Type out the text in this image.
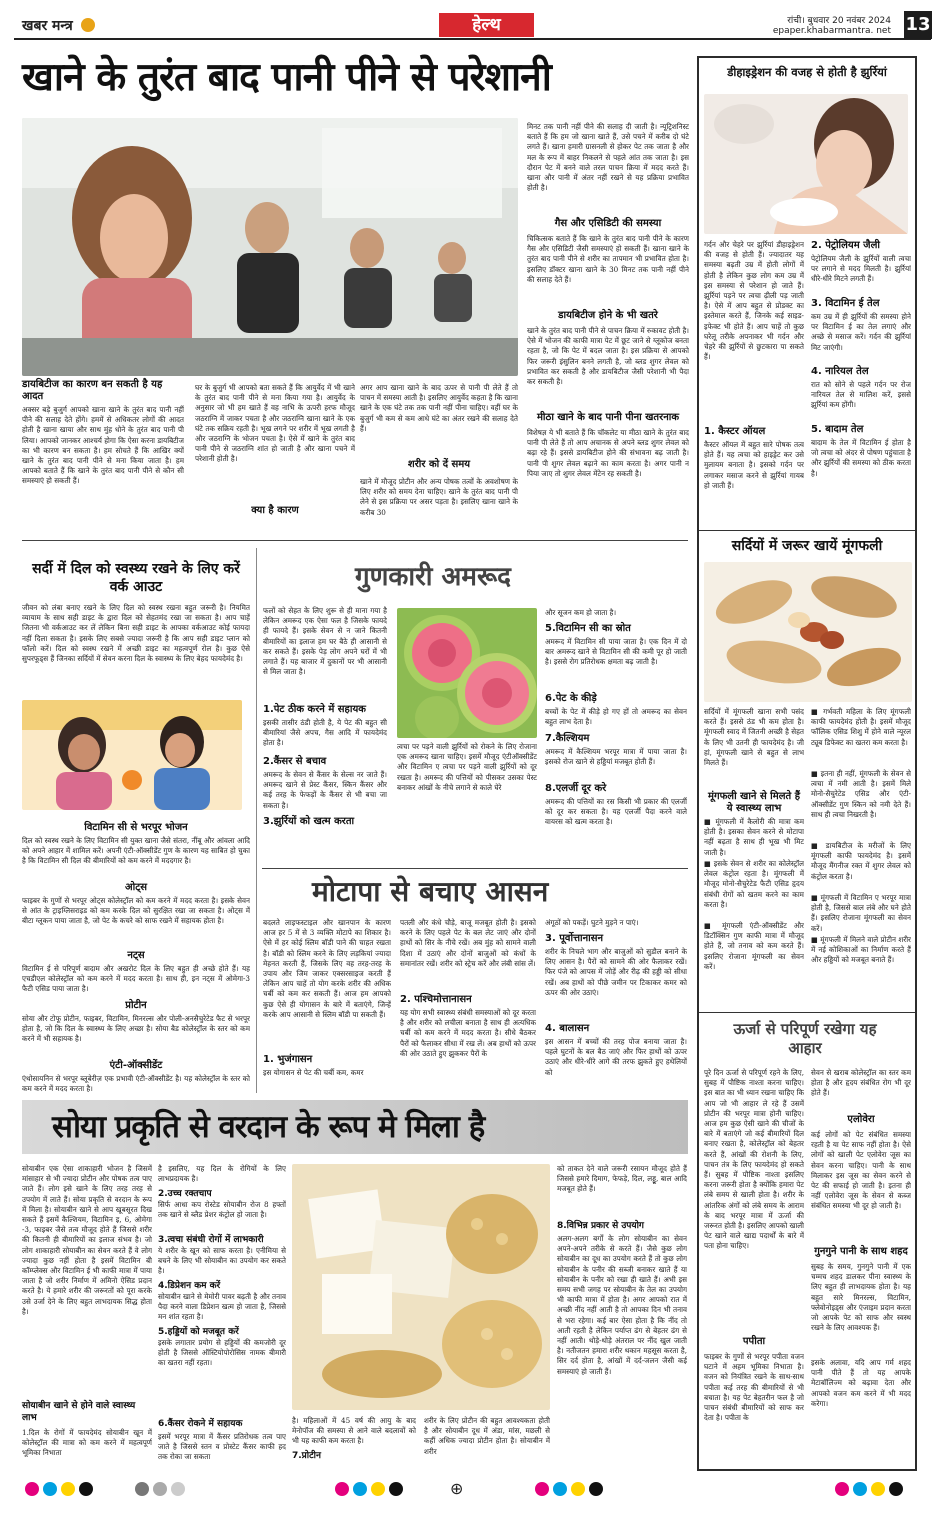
खबर मन्त्र	हेल्थ	रांची। बुधवार 20 नवंबर 2024
epaper.khabarmantra. net 13
खाने के तुरंत बाद पानी पीने से परेशानी
डायबिटीज का कारण बन सकती है यह आदत
अक्सर बड़े बुजुर्ग आपको खाना खाने के तुरंत बाद पानी नहीं पीने की सलाह देते होंगे। हममें से अधिकतर लोगों की आदत होती है खाना खाया और साथ मुंह धोने के तुरंत बाद पानी पी लिया। आपको जानकर आश्चर्य होगा कि ऐसा करना डायबिटीज का भी कारण बन सकता है। हम सोचते हैं कि आखिर क्यों खाने के तुरंत बाद पानी पीने से मना किया जाता है। हम आपको बताते हैं कि खाने के तुरंत बाद पानी पीने से कौन सी समस्याएं हो सकती हैं।
घर के बुजुर्ग भी आपको बता सकते हैं कि आयुर्वेद में भी खाने के तुरंत बाद पानी पीने से मना किया गया है। आयुर्वेद के अनुसार जो भी हम खाते हैं वह नाभि के ऊपरी हरफ मौजूद जठराग्नि में जाकर पचता है और जठराग्नि खाना खाने के एक घंटे तक सक्रिय रहती है। भूख लगने पर शरीर में भूख लगती है और जठराग्नि के भोजन पचता है। ऐसे में खाने के तुरंत बाद पानी पीने से जठराग्नि शांत हो जाती है और खाना पचने में परेशानी होती है।
क्या है कारण
अगर आप खाना खाने के बाद ऊपर से पानी पी लेते हैं तो पाचन में समस्या आती है। इसलिए आयुर्वेद कहता है कि खाना खाने के एक घंटे तक तक पानी नहीं पीना चाहिए। वहीं घर के बुजुर्ग भी कम से कम आधे घंटे का अंतर रखने की सलाह देते हैं।
शरीर को दें समय
खाने में मौजूद प्रोटीन और अन्य पोषक तत्वों के अवशोषण के लिए शरीर को समय देना चाहिए। खाने के तुरंत बाद पानी पी लेने से इस प्रक्रिया पर असर पड़ता है। इसलिए खाना खाने के करीब 30
मिनट तक पानी नहीं पीने की सलाह दी जाती है। न्यूट्रिशनिस्ट बताते हैं कि हम जो खाना खाते हैं, उसे पचने में करीब दो घंटे लगते हैं। खाना हमारी ग्रासनली से होकर पेट तक जाता है और मल के रूप में बाहर निकलने से पहले आंत तक जाता है। इस दौरान पेट में बनने वाले तरल पाचन क्रिया में मदद करते हैं। खाना और पानी में अंतर नहीं रखने से यह प्रक्रिया प्रभावित होती है।
गैस और एसिडिटी की समस्या
चिकित्सक बताते हैं कि खाने के तुरंत बाद पानी पीने के कारण गैस और एसिडिटी जैसी समस्याएं हो सकती हैं। खाना खाने के तुरंत बाद पानी पीने से शरीर का तापमान भी प्रभावित होता है। इसलिए डॉक्टर खाना खाने के 30 मिनट तक पानी नहीं पीने की सलाह देते हैं।
डायबिटीज होने के भी खतरे
खाने के तुरंत बाद पानी पीने से पाचन क्रिया में रुकावट होती है। ऐसे में भोजन की काफी मात्रा पेट में छूट जाने से ग्लूकोज बनता रहता है, जो कि पेट में बदल जाता है। इस प्रक्रिया से आपको फिर जरूरी इंसुलिन बनने लगती है, जो ब्लड शुगर लेवल को प्रभावित कर सकती है और डायबिटीज जैसी परेशानी भी पैदा कर सकती है।
मीठा खाने के बाद पानी पीना खतरनाक
विशेषज्ञ ये भी बताते हैं कि चॉकलेट या मीठा खाने के तुरंत बाद पानी पी लेते हैं तो आप अचानक से अपने ब्लड शुगर लेवल को बढ़ा रहे हैं। इससे डायबिटीज होने की संभावना बढ़ जाती है। पानी पी शुगर लेवल बढ़ाने का काम करता है। अगर पानी न पिया जाए तो शुगर लेवल मेंटेन रह सकती है।
डीहाइड्रेशन की वजह से होती है झुर्रियां
गर्दन और चेहरे पर झुर्रियां डीहाइड्रेशन की वजह से होती हैं। ज्यादातर यह समस्या बढ़ती उम्र में होती लोगों में होती है लेकिन कुछ लोग कम उम्र में इस समस्या से परेशान हो जाते हैं। झुर्रियां पड़ने पर त्वचा ढ़ीली पड़ जाती है। ऐसे में आप बहुत से प्रोडक्ट का इस्तेमाल करते हैं, जिनके कई साइड-इफेक्ट भी होते हैं। आप चाहें तो कुछ घरेलू तरीके अपनाकर भी गर्दन और चेहरे की झुर्रियों से छुटकारा पा सकते हैं।
1. कैस्टर ऑयल
कैस्टर ऑयल में बहुत सारे पोषक तत्व होते हैं। यह त्वचा को हाइड्रेट कर उसे मुलायम बनाता है। इसको गर्दन पर लगाकर मसाज करने से झुर्रियां गायब हो जाती हैं।
2. पेट्रोलियम जैली
पेट्रोलियम जैली के झुर्रियों वाली त्वचा पर लगाने से मदद मिलती है। झुर्रियां धीरे-धीरे मिटने लगती हैं।
3. विटामिन ई तेल
कम उम्र में ही झुर्रियों की समस्या होने पर विटामिन ई का तेल लगाएं और अच्छे से मसाज करें। गर्दन की झुर्रियां मिट जाएंगी।
4. नारियल तेल
रात को सोने से पहले गर्दन पर रोज नारियल तेल से मालिश करें, इससे झुर्रियां कम होंगी।
5. बादाम तेल
बादाम के तेल में विटामिन ई होता है जो त्वचा को अंदर से पोषण पहुंचाता है और झुर्रियों की समस्या को ठीक करता है।
सर्दियों में जरूर खायें मूंगफली
सर्दियों में मूंगफली खाना सभी पसंद करते हैं। इससे ठंड भी कम होता है। मूंगफली स्वाद में जितनी अच्छी है सेहत के लिए भी उतनी ही फायदेमंद है। जी हां, मूंगफली खाने से बहुत से लाभ मिलते हैं।
मूंगफली खाने से मिलते हैं ये स्वास्थ्य लाभ
■ मूंगफली में कैलोरी की मात्रा कम होती है। इसका सेवन करने से मोटापा नहीं बढ़ता है साथ ही भूख भी मिट जाती है।
■ इसके सेवन से शरीर का कोलेस्ट्रॉल लेवल कंट्रोल रहता है। मूंगफली में मौजूद मोनो-सैचुरेटेड फैटी एसिड हृदय संबंधी रोगों को खतम करने का काम करता है।
■ मूंगफली एंटी-ऑक्सीडेंट और डिटॉक्सिन गुण काफी मात्रा में मौजूद होते हैं, जो तनाव को कम करते हैं। इसलिए रोजाना मूंगफली का सेवन करें।
■ गर्भवती महिला के लिए मूंगफली काफी फायदेमंद होती है। इसमें मौजूद फॉलिक एसिड शिशु में होने वाले न्यूरल ट्यूब डिफेक्ट का खतरा कम करता है।
■ इतना ही नहीं, मूंगफली के सेवन से त्वचा में नमी आती है। इसमें मिले मोनो-सैचुरेटेड एसिड और एंटी-ऑक्सीडेंट गुण स्किन को नमी देते हैं। साथ ही त्वचा निखरती है।
■ डायबिटीज के मरीजों के लिए मूंगफली काफी फायदेमंद है। इसमें मौजूद मैंगनीज रक्त में शुगर लेवल को कंट्रोल करता है।
■ मूंगफली में विटामिन ए भरपूर मात्रा होती है, जिससे बाल लंबे और घने होते हैं। इसलिए रोजाना मूंगफली का सेवन करें।
■ मूंगफली में मिलने वाले प्रोटीन शरीर में नई कोशिकाओं का निर्माण करते हैं और हड्डियों को मजबूत बनाते हैं।
ऊर्जा से परिपूर्ण रखेगा यह आहार
पूरे दिन ऊर्जा से परिपूर्ण रहने के लिए, सुबह में पौष्टिक नाश्ता करना चाहिए। इस बात का भी ध्यान रखना चाहिए कि आप जो भी आहार ले रहे हैं उसमें प्रोटीन की भरपूर मात्रा होनी चाहिए। आज हम कुछ ऐसी खाने की चीजों के बारे में बताएंगे जो कई बीमारियों दिल बनाए रखता है, कोलेस्ट्रॉल को बेहतर करते हैं, आंखों की रोशनी के लिए, पाचन तंत्र के लिए फायदेमंद हो सकते हैं। सुबह में पौष्टिक नाश्ता इसलिए करना जरूरी होता है क्योंकि हमारा पेट लंबे समय से खाली होता है। शरीर के आंतरिक अंगों को लंबे समय के आराम के बाद भरपूर मात्रा में ऊर्जा की जरूरत होती है। इसलिए आपको खाली पेट खाने वाले खाद्य पदार्थों के बारे में पता होना चाहिए।
पपीता
फाइबर के गुणों से भरपूर पपीता वजन घटाने में अहम भूमिका निभाता है। वजन को नियंत्रित रखने के साथ-साथ पपीता कई तरह की बीमारियों से भी बचाता है। यह पेट बेहतरीन फल है जो पाचन संबंधी बीमारियों को साफ कर देता है। पपीता के
सेवन से खराब कोलेस्ट्रॉल का स्तर कम होता है और हृदय संबंधित रोग भी दूर होते हैं।
एलोवेरा
कई लोगों को पेट संबंधित समस्या रहती है या पेट साफ नहीं होता है। ऐसे लोगों को खाली पेट एलोवेरा जूस का सेवन करना चाहिए। पानी के साथ मिलाकर इस जूस का सेवन करने से पेट की सफाई हो जाती है। इतना ही नहीं एलोवेरा जूस के सेवन से कब्ज संबंधित समस्या भी दूर हो जाती है।
गुनगुने पानी के साथ शहद
सुबह के समय, गुनगुने पानी में एक चम्मच शहद डालकर पीना स्वास्थ्य के लिए बहुत ही लाभदायक होता है। यह बहुत सारे मिनरल्स, विटामिन, फ्लेवोनोइड्स और एंजाइम प्रदान करता जो आपके पेट को साफ और स्वस्थ रखने के लिए आवश्यक हैं।
इसके अलावा, यदि आप गर्म शहद पानी पीते हैं तो यह आपके मेटाबॉलिज्म को बढ़ावा देता और आपको वजन कम करने में भी मदद करेगा।
सर्दी में दिल को स्वस्थ्य रखने के लिए करें वर्क आउट
जीवन को लंबा बनाए रखने के लिए दिल को स्वस्थ रखना बहुत जरूरी है। नियमित व्यायाम के साथ सही डाइट के द्वारा दिल को सेहतमंद रखा जा सकता है। आप चाहें जितना भी वर्कआउट कर लें लेकिन बिना सही डाइट के आपका वर्कआउट कोई फायदा नहीं दिला सकता है। इसके लिए सबसे ज्यादा जरूरी है कि आप सही डाइट प्लान को फॉलो करें। दिल को स्वस्थ रखने में अच्छी डाइट का महत्वपूर्ण रोल है। कुछ ऐसे सुपरफूड्स हैं जिनका सर्दियों में सेवन करना दिल के स्वास्थ्य के लिए बेहद फायदेमंद है।
विटामिन सी से भरपूर भोजन
दिल को स्वस्थ रखने के लिए विटामिन सी युक्त खाना जैसे संतरा, नींबू और आंवला आदि को अपने आहार में शामिल करें। अपनी एंटी-ऑक्सीडेंट गुण के कारण यह साबित हो चुका है कि विटामिन सी दिल की बीमारियों को कम करने में मददगार है।
ओट्स
फाइबर के गुणों से भरपूर ओट्स कोलेस्ट्रॉल को कम करने में मदद करता है। इसके सेवन से आंत के ट्राइग्लिसराइड को कम करके दिल को सुरक्षित रखा जा सकता है। ओट्स में बीटा ग्लूकन पाया जाता है, जो पेट के कचरे को साफ रखने में सहायक होता है।
नट्स
विटामिन ई से परिपूर्ण बादाम और अखरोट दिल के लिए बहुत ही अच्छे होते हैं। यह एचडीएल कोलेस्ट्रॉल को कम करने में मदद करता है। साथ ही, इन नट्स में ओमेगा-3 फैटी एसिड पाया जाता है।
प्रोटीन
सोया और टोफू प्रोटीन, फाइबर, विटामिन, मिनरल्स और पोली-अनसैचुरेटेड फैट से भरपूर होता है, जो कि दिल के स्वास्थ्य के लिए अच्छा है। सोया बैड कोलेस्ट्रॉल के स्तर को कम करने में भी सहायक है।
एंटी-ऑक्सीडेंट
एंथोसायनिन से भरपूर ब्लूबेरीज़ एक प्रभावी एंटी-ऑक्सीडेंट है। यह कोलेस्ट्रॉल के स्तर को कम करने में मदद करता है।
गुणकारी अमरूद
फलों को सेहत के लिए शुरू से ही माना गया है लेकिन अमरूद एक ऐसा फल है जिसके फायदे ही फायदे हैं। इसके सेवन से न जाने कितनी बीमारियों का इलाज हम घर बैठे ही आसानी से कर सकते हैं। इसके पेड़ लोग अपने घरों में भी लगाते हैं। यह बाजार में दुकानों पर भी आसानी से मिल जाता है।
1.पेट ठीक करने में सहायक
इसकी तासीर ठंडी होती है, ये पेट की बहुत सी बीमारियां जैसे अपच, गैस आदि में फायदेमंद होता है।
2.कैंसर से बचाव
अमरूद के सेवन से कैंसर के सेल्स नर जाते हैं। अमरूद खाने से प्रेस्ट कैंसर, स्किन कैंसर और कई तरह के फेफड़ों के कैंसर से भी बचा जा सकता है।
3.झुर्रियों को खत्म करता
त्वचा पर पड़ने वाली झुर्रियों को रोकने के लिए रोजाना एक अमरूद खाना चाहिए। इसमें मौजूद एंटीऑक्सीडेंट और विटामिन ए त्वचा पर पड़ने वाली झुर्रियों को दूर रखता है। अमरूद की पत्तियों को पीसकर उसका पेस्ट बनाकर आंखों के नीचे लगाने से काले घेरे
और सूजन कम हो जाता है।
5.विटामिन सी का स्रोत
अमरूद में विटामिन सी पाया जाता है। एक दिन में दो बार अमरूद खाने से विटामिन सी की कमी पूर हो जाती है। इससे रोग प्रतिरोधक क्षमता बढ़ जाती है।
6.पेट के कीड़े
बच्चों के पेट में कीड़े हो गए हों तो अमरूद का सेवन बहुत लाभ देता है।
7.कैल्शियम
अमरूद में कैल्शियम भरपूर मात्रा में पाया जाता है। इसको रोज खाने से हड्डियां मजबूत होती हैं।
8.एलर्जी दूर करे
अमरूद की पत्तियों का रस किसी भी प्रकार की एलर्जी को दूर कर सकता है। यह एलर्जी पैदा करने वाले वायरस को खत्म करता है।
मोटापा से बचाए आसन
बदलते लाइफस्टाइल और खानपान के कारण आज हर 5 में से 3 व्यक्ति मोटापे का शिकार है। ऐसे में हर कोई स्लिम बॉडी पाने की चाहत रखता है। बॉडी को स्लिम करने के लिए लड़कियां ज्यादा मेहनत करती हैं, जिसके लिए वह तरह-तरह के उपाय और जिम जाकर एक्सरसाइज करती हैं लेकिन आप चाहें तो योग करके शरीर की अधिक चर्बी को कम कर सकती हैं। आज हम आपको कुछ ऐसे ही योगासन के बारे में बताएंगे, जिन्हें करके आप आसानी से स्लिम बॉडी पा सकती हैं।
1. भुजंगासन
इस योगासन से पेट की चर्बी कम, कमर
पतली और कंधे चौड़े, बाजू मजबूत होती है। इसको करने के लिए पहले पेट के बल लेट जाएं और दोनों हाथों को सिर के नीचे रखें। अब मुंह को सामने वाली दिशा में उठाएं और दोनों बाजुओं को कंधों के समानांतर रखें। शरीर को स्ट्रेच करें और लंबी सांस लें।
2. पश्चिमोत्तानासन
यह योग सभी स्वास्थ्य संबंधी समस्याओं को दूर करता है और शरीर को लचीला बनाता है साथ ही अत्यधिक चर्बी को कम करने में मदद करता है। सीधे बैठकर पैरों को फैलाकर सीधा में रख लें। अब हाथों को ऊपर की ओर उठाते हुए झुककर पैरों के
अंगूठों को पकड़ें। घुटने मुड़ने न पाएं।
3. पूर्वोत्तानासन
शरीर के निचले भाग और बाजुओं को सुडौल बनाने के लिए आसन है। पैरों को सामने की ओर फैलाकर रखें। फिर पंजे को आपस में जोड़ें और रीढ़ की हड्डी को सीधा रखें। अब हाथों को पीछे जमीन पर टिकाकर कमर को ऊपर की ओर उठाएं।
4. बालासन
इस आसन में बच्चों की तरह पोज बनाया जाता है। पहले घुटनों के बल बैठ जाएं और फिर हाथों को ऊपर उठाएं और धीरे-धीरे आगे की तरफ झुकते हुए हथेलियों को
सोया प्रकृति से वरदान के रूप मे मिला है
सोयाबीन एक ऐसा शाकाहारी भोजन है जिसमें मांसाहार से भी ज्यादा प्रोटीन और पोषक तत्व पाए जाते हैं। लोग इसे खाने के लिए तरह तरह से उपयोग में लाते हैं। सोया प्रकृति से वरदान के रूप में मिला है। सोयाबीन खाने से आप खूबसूरत दिख सकते हैं इसमें कैल्शियम, विटामिन इ, 6, ओमेगा -3, फाइबर जैसे तत्व मौजूद होते हैं जिससे शरीर की कितनी ही बीमारियों का इलाज संभव है। जो लोग शाकाहारी सोयाबीन का सेवन करते हैं वे लोग ज्यादा कुछ नहीं होता है इसमें विटामिन बी कॉम्प्लेक्स और विटामिन ई भी काफी मात्रा में पाया जाता है जो शरीर निर्माण में अमिनो ऐसिड प्रदान करते है। ये हमारे शरीर की जरूरतों को पूरा करके उसे उर्जा देने के लिए बहुत लाभदायक सिद्ध होता है।
सोयाबीन खाने से होने वाले स्वास्थ्य लाभ
1.दिल के रोगों में फायदेमंद सोयाबीन खून में कोलेस्ट्रॉल की मात्रा को कम करने में महत्वपूर्ण भूमिका निभाता
है इसलिए, यह दिल के रोगियों के लिए लाभप्रदायक है।
2.उच्च रक्तचाप
सिर्फ आधा कप रोस्टेड सोयाबीन रोज 8 हफ्तों तक खाने से ब्लैड प्रेशर कंट्रोल हो जाता है।
3.त्वचा संबंधी रोगों में लाभकारी
ये शरीर के खून को साफ करता है। एनीमिया से बचने के लिए भी सोयाबीन का उपयोग कर सकते है।
4.डिप्रेशन कम करें
सोयाबीन खाने से मेमोरी पावर बढ़ती है और तनाव पैदा करने वाला डिप्रेशन खत्म हो जाता है, जिससे मन शांत रहता है।
5.हड्डियों को मजबूत करें
इसके लगातार प्रयोग से हड्डियों की कमजोरी दूर होती है जिससे ऑस्टियोपोरोसिस नामक बीमारी का खतरा नहीं रहता।
6.कैंसर रोकने में सहायक
इसमें भरपूर मात्रा में कैंसर प्रतिरोधक तत्व पाए जाते है जिससे स्तन व प्रोस्टेट कैंसर काफी हद तक रोका जा सकता
है। महिलाओं में 45 वर्ष की आयु के बाद मेनोपॉज की समस्या से आने वाले बदलावों को भी यह काफी कम करता है।
7.प्रोटीन
शरीर के लिए प्रोटीन की बहुत आवश्यकता होती है और सोयाबीन दूध में अंडा, मांस, मछली से कहीं अधिक ज्यादा प्रोटीन होता है। सोयाबीन में शरीर
को ताकत देने वाले जरूरी रसायन मौजूद होते हैं जिससे हमारे दिमाग, फेफड़े, दिल, लड्डू, बाल आदि मजबूत होते हैं।
8.विभिन्न प्रकार से उपयोग
अलग-अलग बर्गों के लोग सोयाबीन का सेवन अपने-अपने तरीके से करते हैं। जैसे कुछ लोग सोयाबीन का दूध का उपयोग करते हैं तो कुछ लोग सोयाबीन के पनीर की सब्जी बनाकर खाते हैं या सोयाबीन के पनीर को रखा ही खाते हैं। अभी इस समय सभी जगह पर सोयाबीन के तेल का उपयोग भी काफी मात्रा में होता है। अगर आपको रात में अच्छी नींद नहीं आती है तो आपका दिन भी तनाव से भरा रहेगा। कई बार ऐसा होता है कि नींद तो आती रहती है लेकिन पर्याप्त ढंग से बेहतर ढंग से नहीं आती। थोड़े-थोड़े अंतराल पर नींद खुल जाती है। नतीजतन हमारा शरीर थकान महसूस करता है, सिर दर्द होता है, आंखों में दर्द-जलन जैसी कई समस्याएं हो जाती हैं।
⊕
